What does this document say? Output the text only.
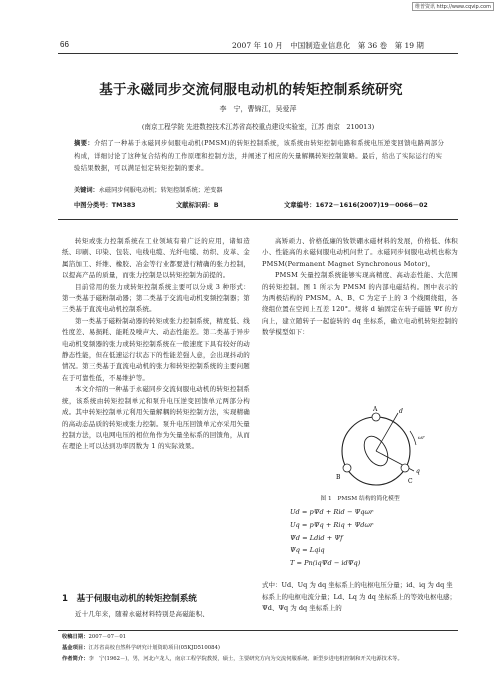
维普资讯 http://www.cqvip.com
66	2007 年 10 月　中国制造业信息化　第 36 卷　第 19 期
基于永磁同步交流伺服电动机的转矩控制系统研究
李　宁，曹锦江，吴爱萍
(南京工程学院 先进数控技术江苏省高校重点建设实验室，江苏 南京　210013)
摘要：介绍了一种基于永磁同步伺服电动机(PMSM)的转矩控制系统，该系统由转矩控制电路和系统电压逆变回馈电路两部分构成，详细讨论了这种复合结构的工作原理和控制方法，并阐述了相应的矢量解耦转矩控制策略。最后，给出了实际运行的实验结果数据，可以满足恒定转矩控制的要求。
关键词：永磁同步伺服电动机；转矩控制系统；逆变器
中图分类号：TM383	文献标识码：B	文章编号：1672－1616(2007)19－0066－02

转矩或张力控制系统在工业领域有着广泛的应用，诸如造纸、印刷、印染、包装、电线电缆、光纤电缆、纺织、皮革、金属箔加工、纤维、橡胶、冶金等行业都要进行精确的张力控制，以提高产品的质量，而张力控制是以转矩控制为前提的。

目前常用的张力或转矩控制系统主要可以分成 3 种形式：第一类基于磁粉制动器；第二类基于交流电动机变频控制器；第三类基于直流电动机控制系统。

第一类基于磁粉制动器的转矩或张力控制系统，精度低、线性度差、易损耗、能耗及噪声大、动态性能差。第二类基于异步电动机变频器的张力或转矩控制系统在一般速度下具有较好的动静态性能，但在低速运行状态下的性能差强人意，会出现抖动的情况。第三类基于直流电动机的张力和转矩控制系统的主要问题在于可靠性低，不易维护等。

本文介绍的一种基于永磁同步交流伺服电动机的转矩控制系统，该系统由转矩控制单元和泵升电压逆变回馈单元两部分构成。其中转矩控制单元利用矢量解耦的转矩控制方法，实现精确的高动态品质的转矩或张力控制。泵升电压回馈单元亦采用矢量控制方法，以电网电压的相位角作为矢量坐标系的回馈角，从而在理论上可以达到功率因数为 1 的实际效果。

1　基于伺服电动机的转矩控制系统
近十几年来，随着永磁材料特别是高磁能积、

高矫顽力、价格低廉的钕铁硼永磁材料的发展，价格低、体积小、性能高的永磁伺服电动机问世了。永磁同步伺服电动机也称为 PMSM(Permanent Magnet Synchronous Motor)。

PMSM 矢量控制系统能够实现高精度、高动态性能、大范围的转矩控制。图 1 所示为 PMSM 的内部电磁结构。图中表示的为两极结构的 PMSM。A、B、C 为定子上的 3 个线圈绕组，各绕组位置在空间上互差 120°。规将 d 轴固定在转子磁链 Ψf 的方向上，建立随转子一起旋转的 dq 坐标系，确立电动机转矩控制的数学模型如下：

A
B
C
d
q
ωr
图 1　PMSM 结构的简化模型
Ud = pΨd + Rid − Ψqωr
Uq = pΨq + Riq + Ψdωr
Ψd = Ldid + Ψf
Ψq = Lqiq
T = Pn(iqΨd − idΨq)
式中：Ud、Uq 为 dq 坐标系上的电枢电压分量；id、iq 为 dq 坐标系上的电枢电流分量；Ld、Lq 为 dq 坐标系上的等效电枢电感；Ψd、Ψq 为 dq 坐标系上的
收稿日期：2007－07－01
基金项目：江苏省高校自然科学研究计划资助项目(05KJD510084)
作者简介：李　宁(1962－)，男，河北卢龙人，南京工程学院教授，硕士，主要研究方向为交流伺服系统、新型步进电机控制和开关电源技术等。
